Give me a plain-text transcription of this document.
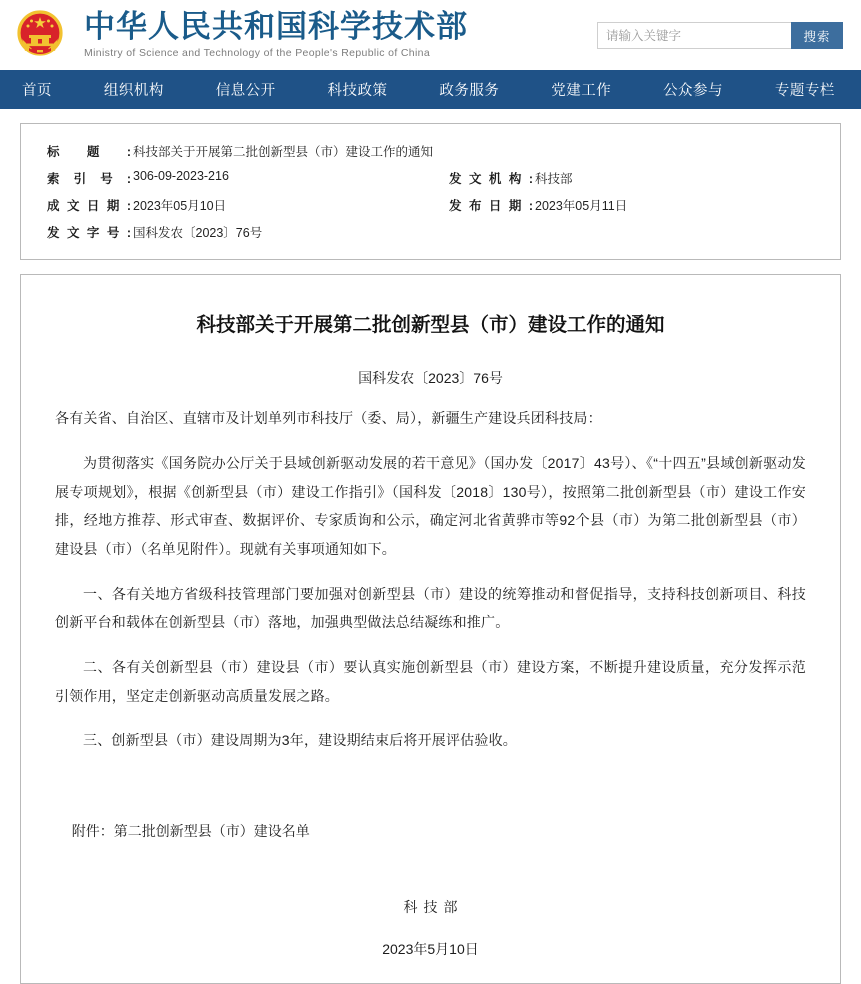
中华人民共和国科学技术部
Ministry of Science and Technology of the People's Republic of China
请输入关键字
搜索
首页	组织机构	信息公开	科技政策	政务服务	党建工作	公众参与	专题专栏
标题 : 科技部关于开展第二批创新型县（市）建设工作的通知
索引号 : 306-09-2023-216	发文机构 : 科技部
成文日期 : 2023年05月10日	发布日期 : 2023年05月11日
发文字号 : 国科发农〔2023〕76号
科技部关于开展第二批创新型县（市）建设工作的通知
国科发农〔2023〕76号

各有关省、自治区、直辖市及计划单列市科技厅（委、局），新疆生产建设兵团科技局：

为贯彻落实《国务院办公厅关于县域创新驱动发展的若干意见》（国办发〔2017〕43号）、《“十四五”县域创新驱动发展专项规划》，根据《创新型县（市）建设工作指引》（国科发〔2018〕130号），按照第二批创新型县（市）建设工作安排，经地方推荐、形式审查、数据评价、专家质询和公示，确定河北省黄骅市等92个县（市）为第二批创新型县（市）建设县（市）（名单见附件）。现就有关事项通知如下。

一、各有关地方省级科技管理部门要加强对创新型县（市）建设的统筹推动和督促指导，支持科技创新项目、科技创新平台和载体在创新型县（市）落地，加强典型做法总结凝练和推广。

二、各有关创新型县（市）建设县（市）要认真实施创新型县（市）建设方案，不断提升建设质量，充分发挥示范引领作用，坚定走创新驱动高质量发展之路。

三、创新型县（市）建设周期为3年，建设期结束后将开展评估验收。

附件：第二批创新型县（市）建设名单
科技部
2023年5月10日
